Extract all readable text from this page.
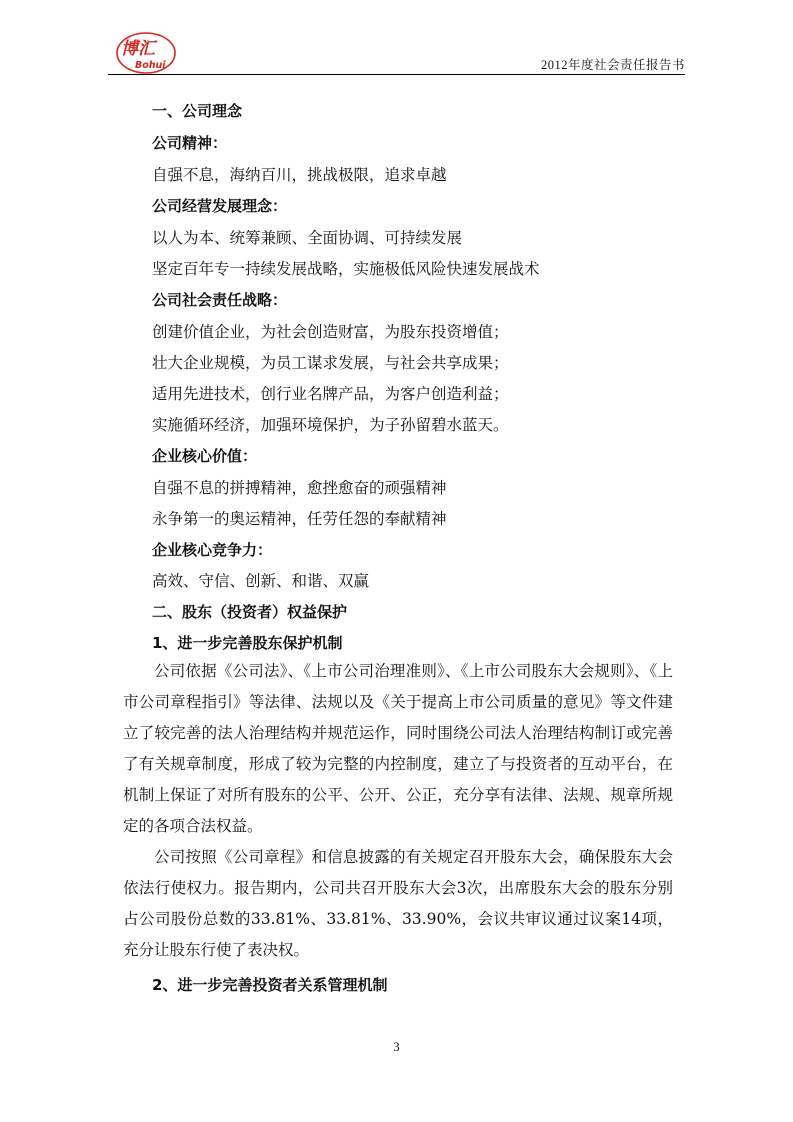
博汇
Bohui	2012年度社会责任报告书
一、公司理念
公司精神：
自强不息，海纳百川，挑战极限，追求卓越
公司经营发展理念：
以人为本、统筹兼顾、全面协调、可持续发展
坚定百年专一持续发展战略，实施极低风险快速发展战术
公司社会责任战略：
创建价值企业，为社会创造财富，为股东投资增值；
壮大企业规模，为员工谋求发展，与社会共享成果；
适用先进技术，创行业名牌产品，为客户创造利益；
实施循环经济，加强环境保护，为子孙留碧水蓝天。
企业核心价值：
自强不息的拼搏精神，愈挫愈奋的顽强精神
永争第一的奥运精神，任劳任怨的奉献精神
企业核心竞争力：
高效、守信、创新、和谐、双赢
二、股东（投资者）权益保护
1、进一步完善股东保护机制

公司依据《公司法》、《上市公司治理准则》、《上市公司股东大会规则》、《上市公司章程指引》等法律、法规以及《关于提高上市公司质量的意见》等文件建立了较完善的法人治理结构并规范运作，同时围绕公司法人治理结构制订或完善了有关规章制度，形成了较为完整的内控制度，建立了与投资者的互动平台，在机制上保证了对所有股东的公平、公开、公正，充分享有法律、法规、规章所规定的各项合法权益。

公司按照《公司章程》和信息披露的有关规定召开股东大会，确保股东大会依法行使权力。报告期内，公司共召开股东大会3次，出席股东大会的股东分别占公司股份总数的33.81%、33.81%、33.90%，会议共审议通过议案14项，充分让股东行使了表决权。

2、进一步完善投资者关系管理机制
3
